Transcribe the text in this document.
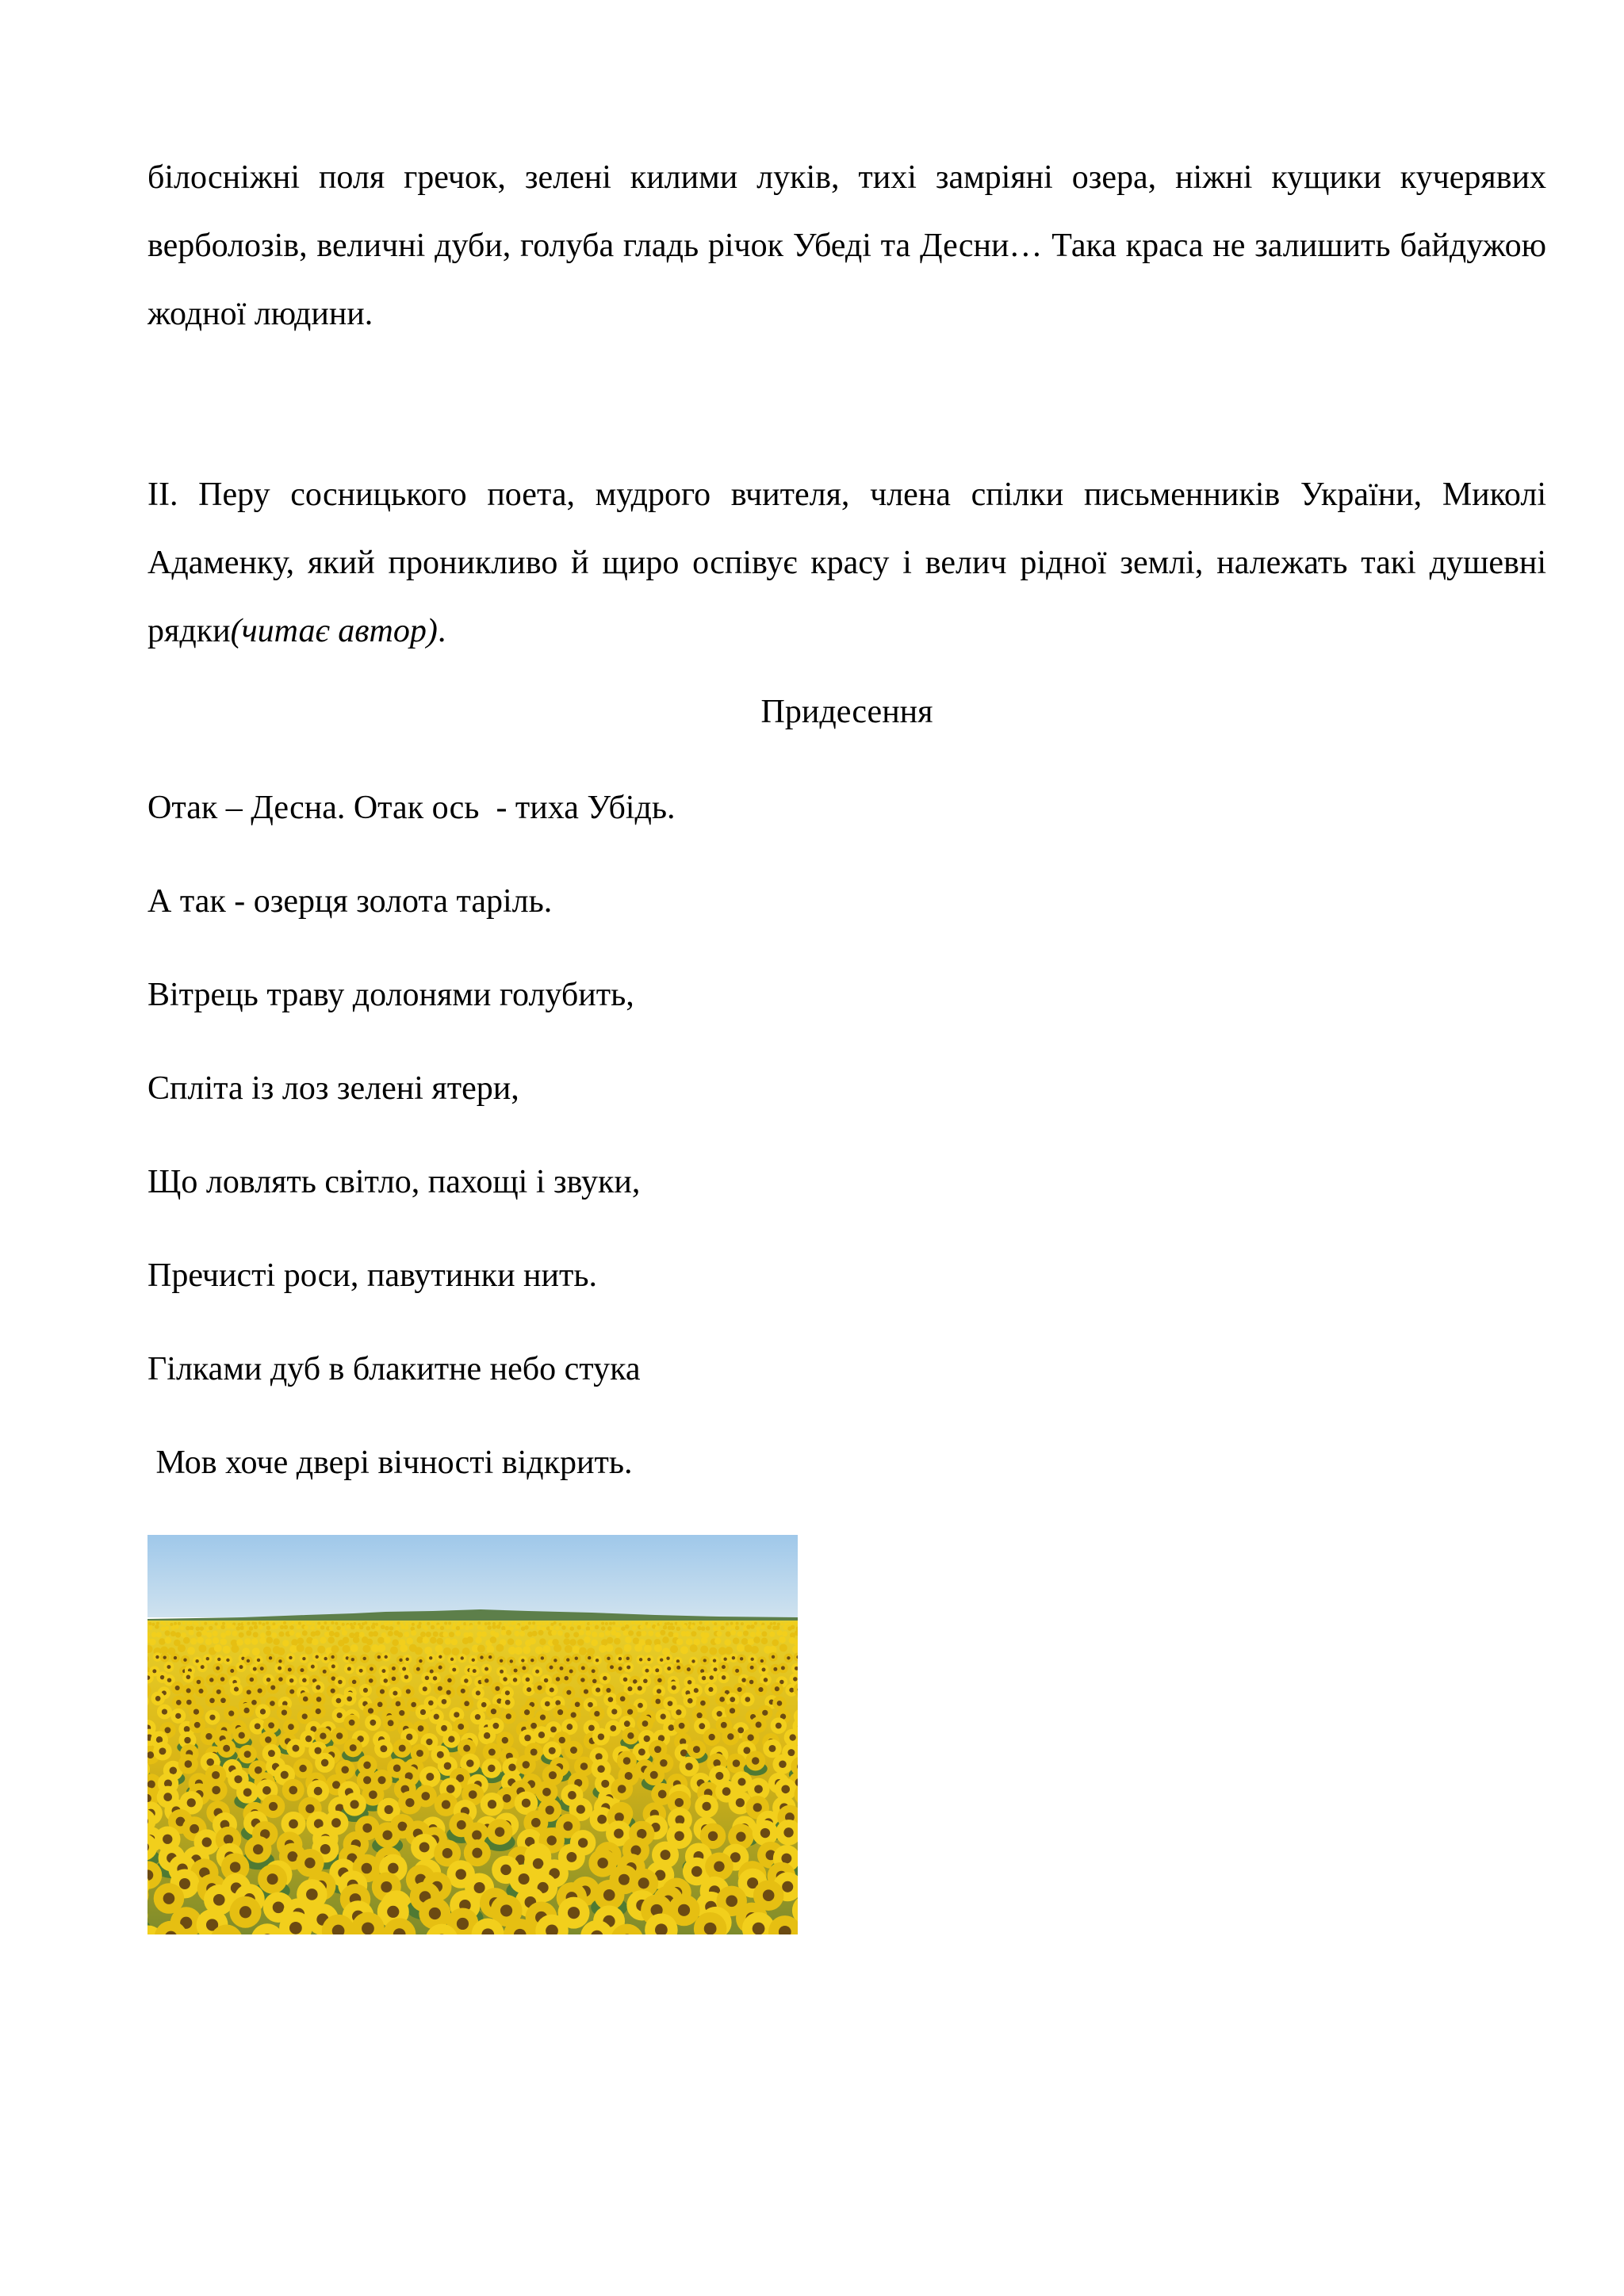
білосніжні поля гречок, зелені килими луків, тихі замріяні озера, ніжні кущики кучерявих верболозів, величні дуби, голуба гладь річок Убеді та Десни… Така краса не залишить байдужою жодної людини.

ІІ. Перу сосницького поета, мудрого вчителя, члена спілки письменників України, Миколі Адаменку, який проникливо й щиро оспівує красу і велич рідної землі, належать такі душевні рядки(читає автор).

Придесення

Отак – Десна. Отак ось  - тиха Убідь.

А так - озерця золота таріль.

Вітрець траву долонями голубить,

Спліта із лоз зелені ятери,

Що ловлять світло, пахощі і звуки,

Пречисті роси, павутинки нить.

Гілками дуб в блакитне небо стука

Мов хоче двері вічності відкрить.
